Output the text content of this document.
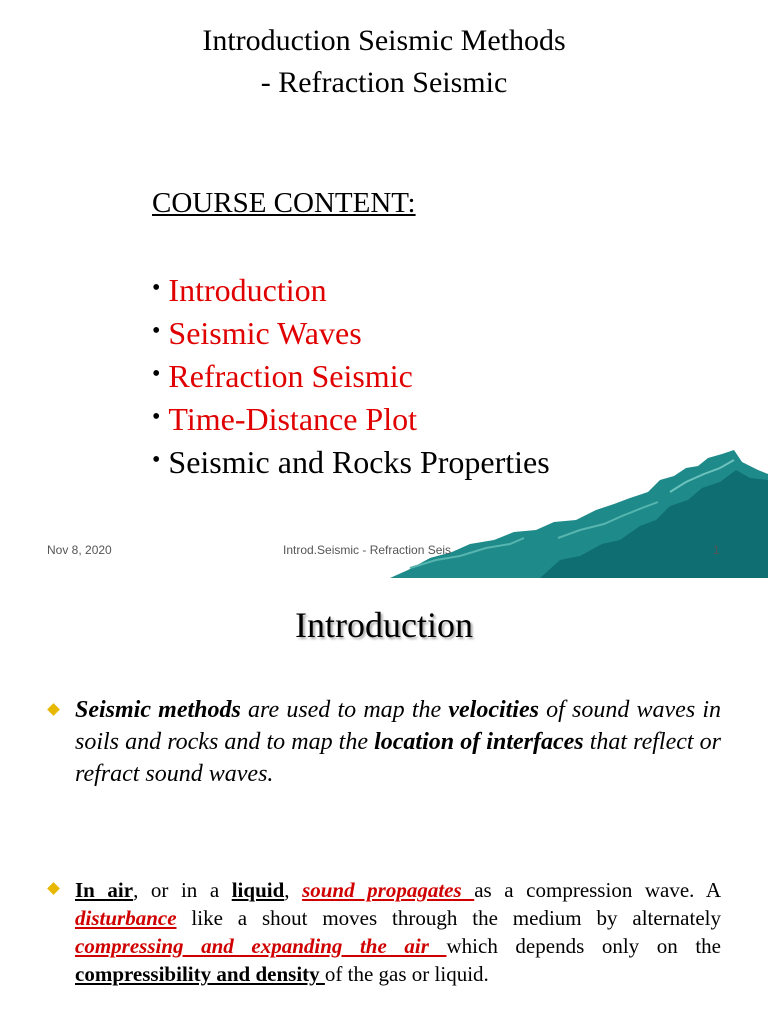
Introduction Seismic Methods
- Refraction Seismic
COURSE CONTENT:
• Introduction
• Seismic Waves
• Refraction Seismic
• Time-Distance Plot
• Seismic and Rocks Properties
Nov 8, 2020	Introd.Seismic - Refraction Seis	1
Introduction
Seismic methods are used to map the velocities of sound waves in soils and rocks and to map the location of interfaces that reflect or refract sound waves.
In air, or in a liquid, sound propagates as a compression wave. A disturbance like a shout moves through the medium by alternately compressing and expanding the air which depends only on the compressibility and density of the gas or liquid.
